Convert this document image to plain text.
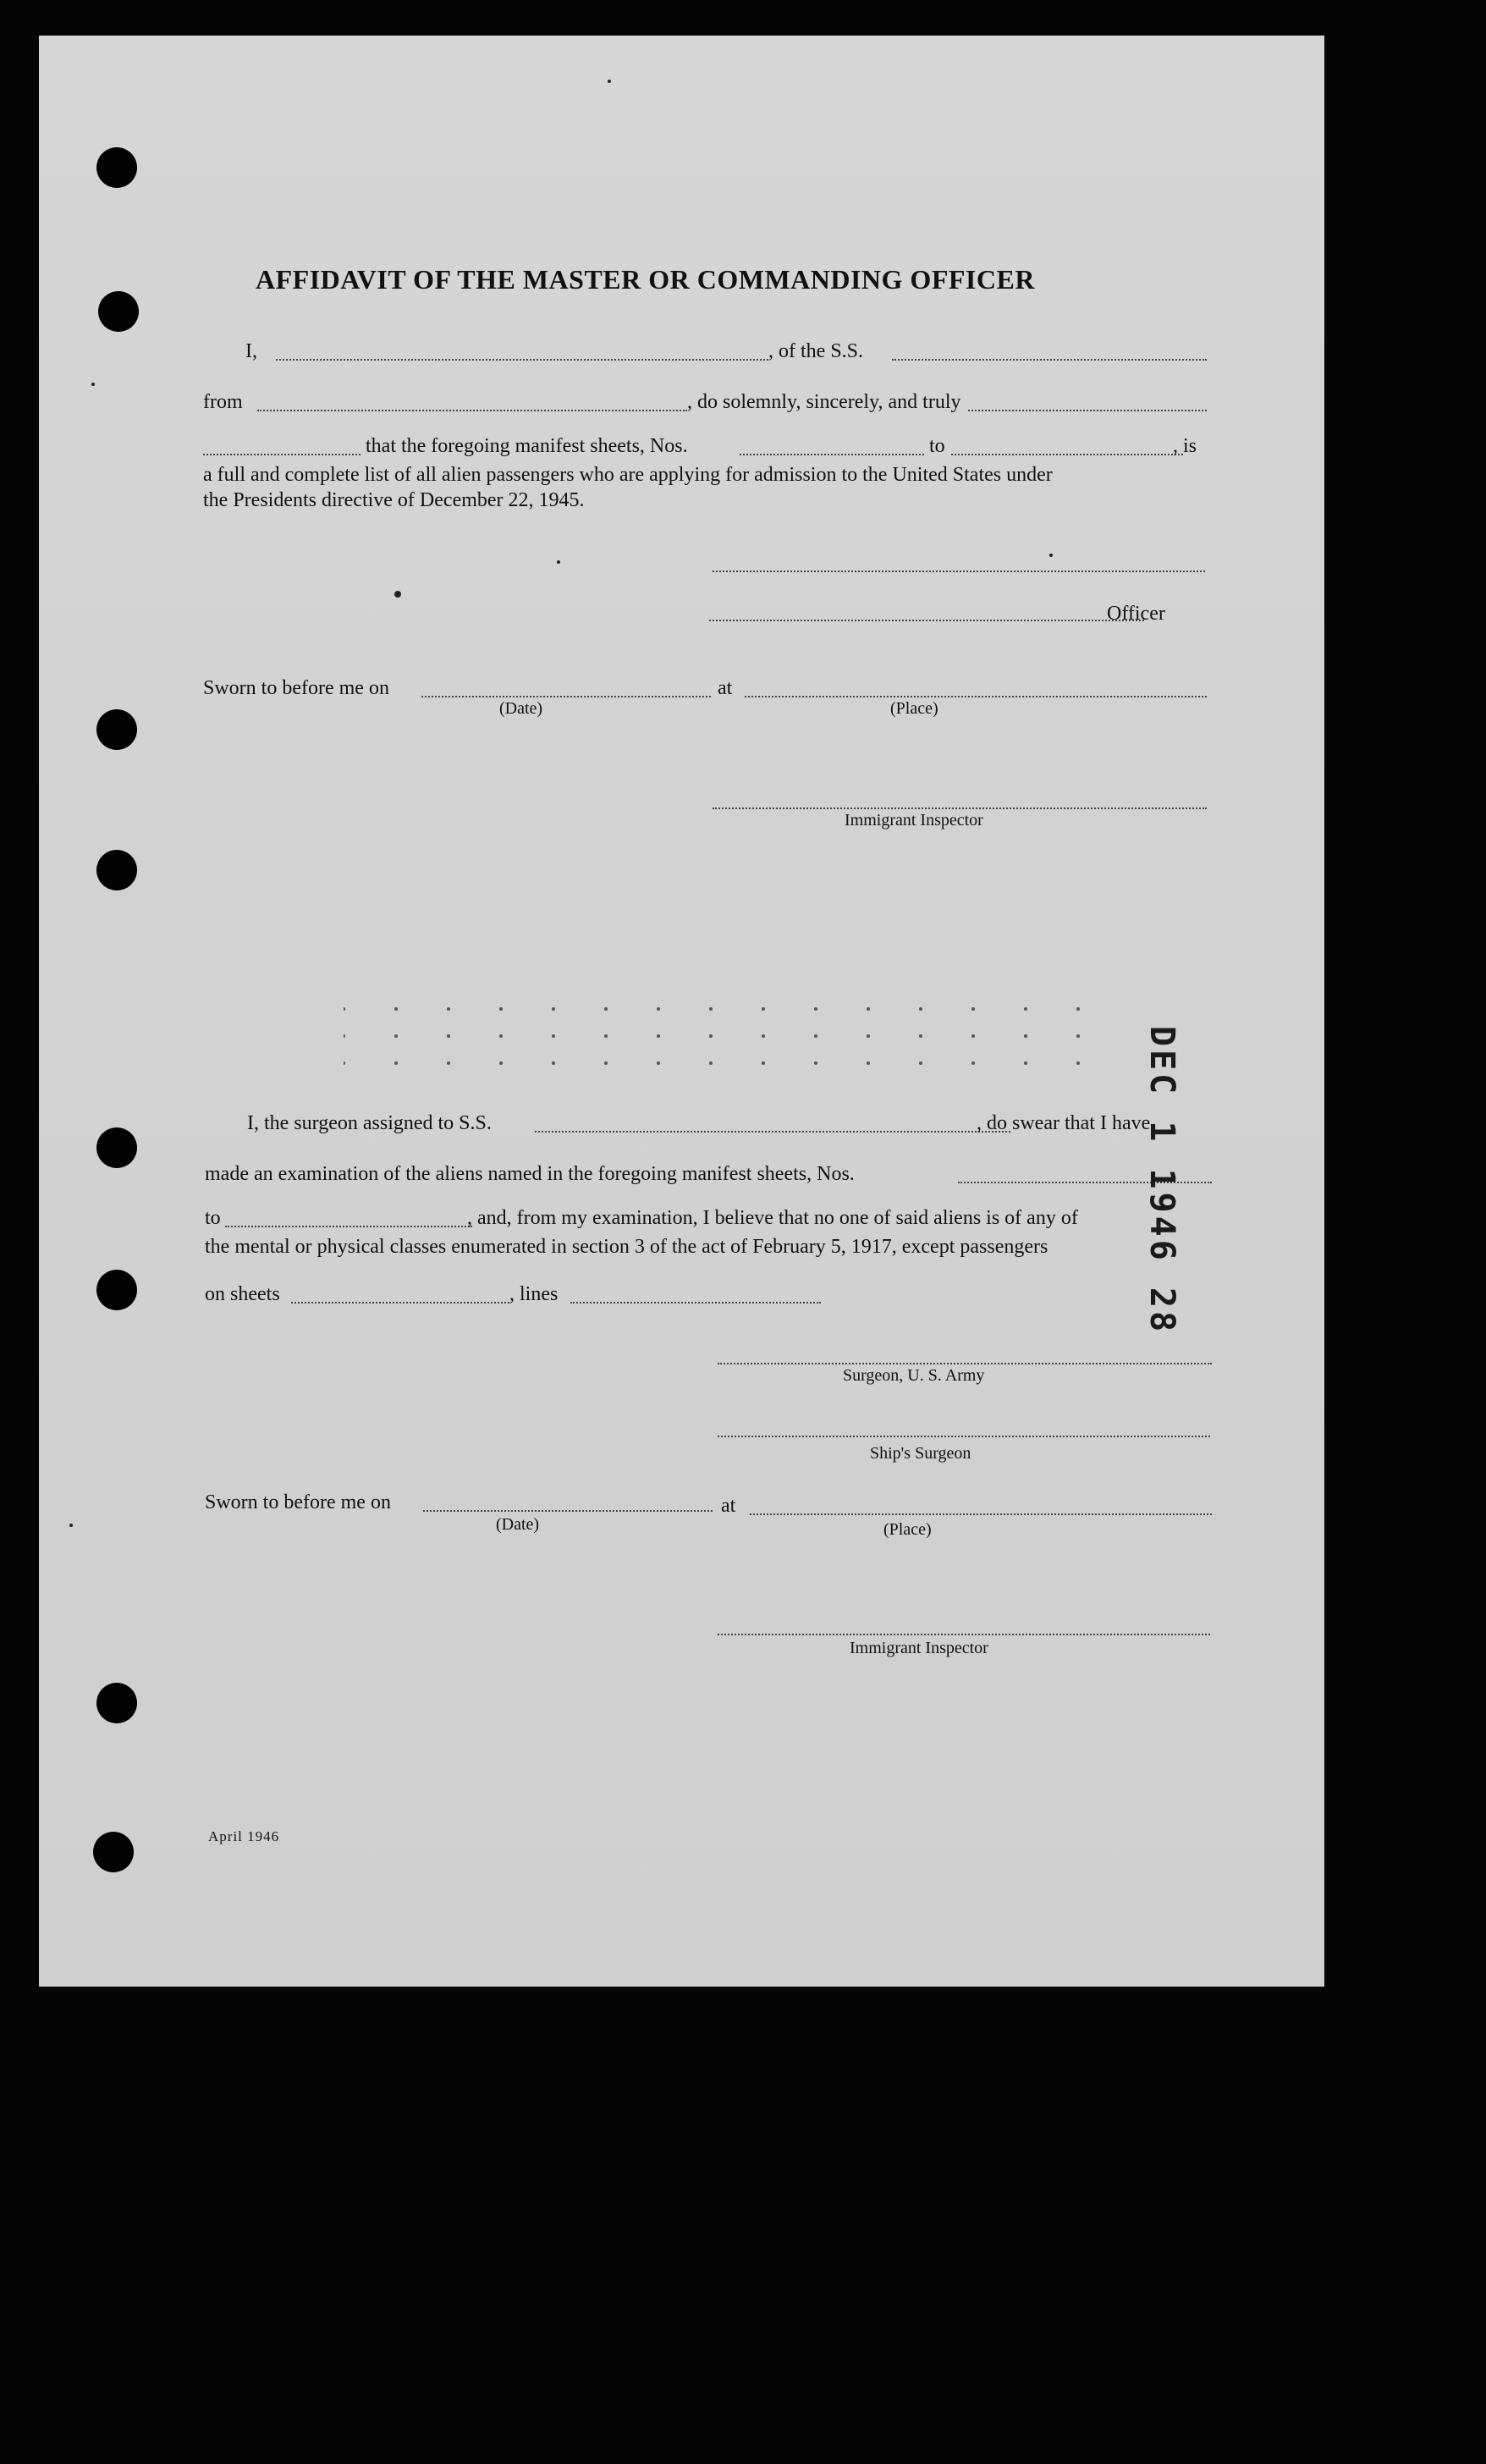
AFFIDAVIT OF THE MASTER OR COMMANDING OFFICER
I,	, of the S.S.
from	, do solemnly, sincerely, and truly
that the foregoing manifest sheets, Nos.	to	, is
a full and complete list of all alien passengers who are applying for admission to the United States under
the Presidents directive of December 22, 1945.
Officer
Sworn to before me on	at
(Date)	(Place)
Immigrant Inspector
I, the surgeon assigned to S.S.	, do swear that I have
made an examination of the aliens named in the foregoing manifest sheets, Nos.
to	, and, from my examination, I believe that no one of said aliens is of any of
the mental or physical classes enumerated in section 3 of the act of February 5, 1917, except passengers
on sheets	, lines
Surgeon, U. S. Army
Ship's Surgeon
Sworn to before me on	at
(Date)	(Place)
Immigrant Inspector
April 1946
DEC 1 1946 28
